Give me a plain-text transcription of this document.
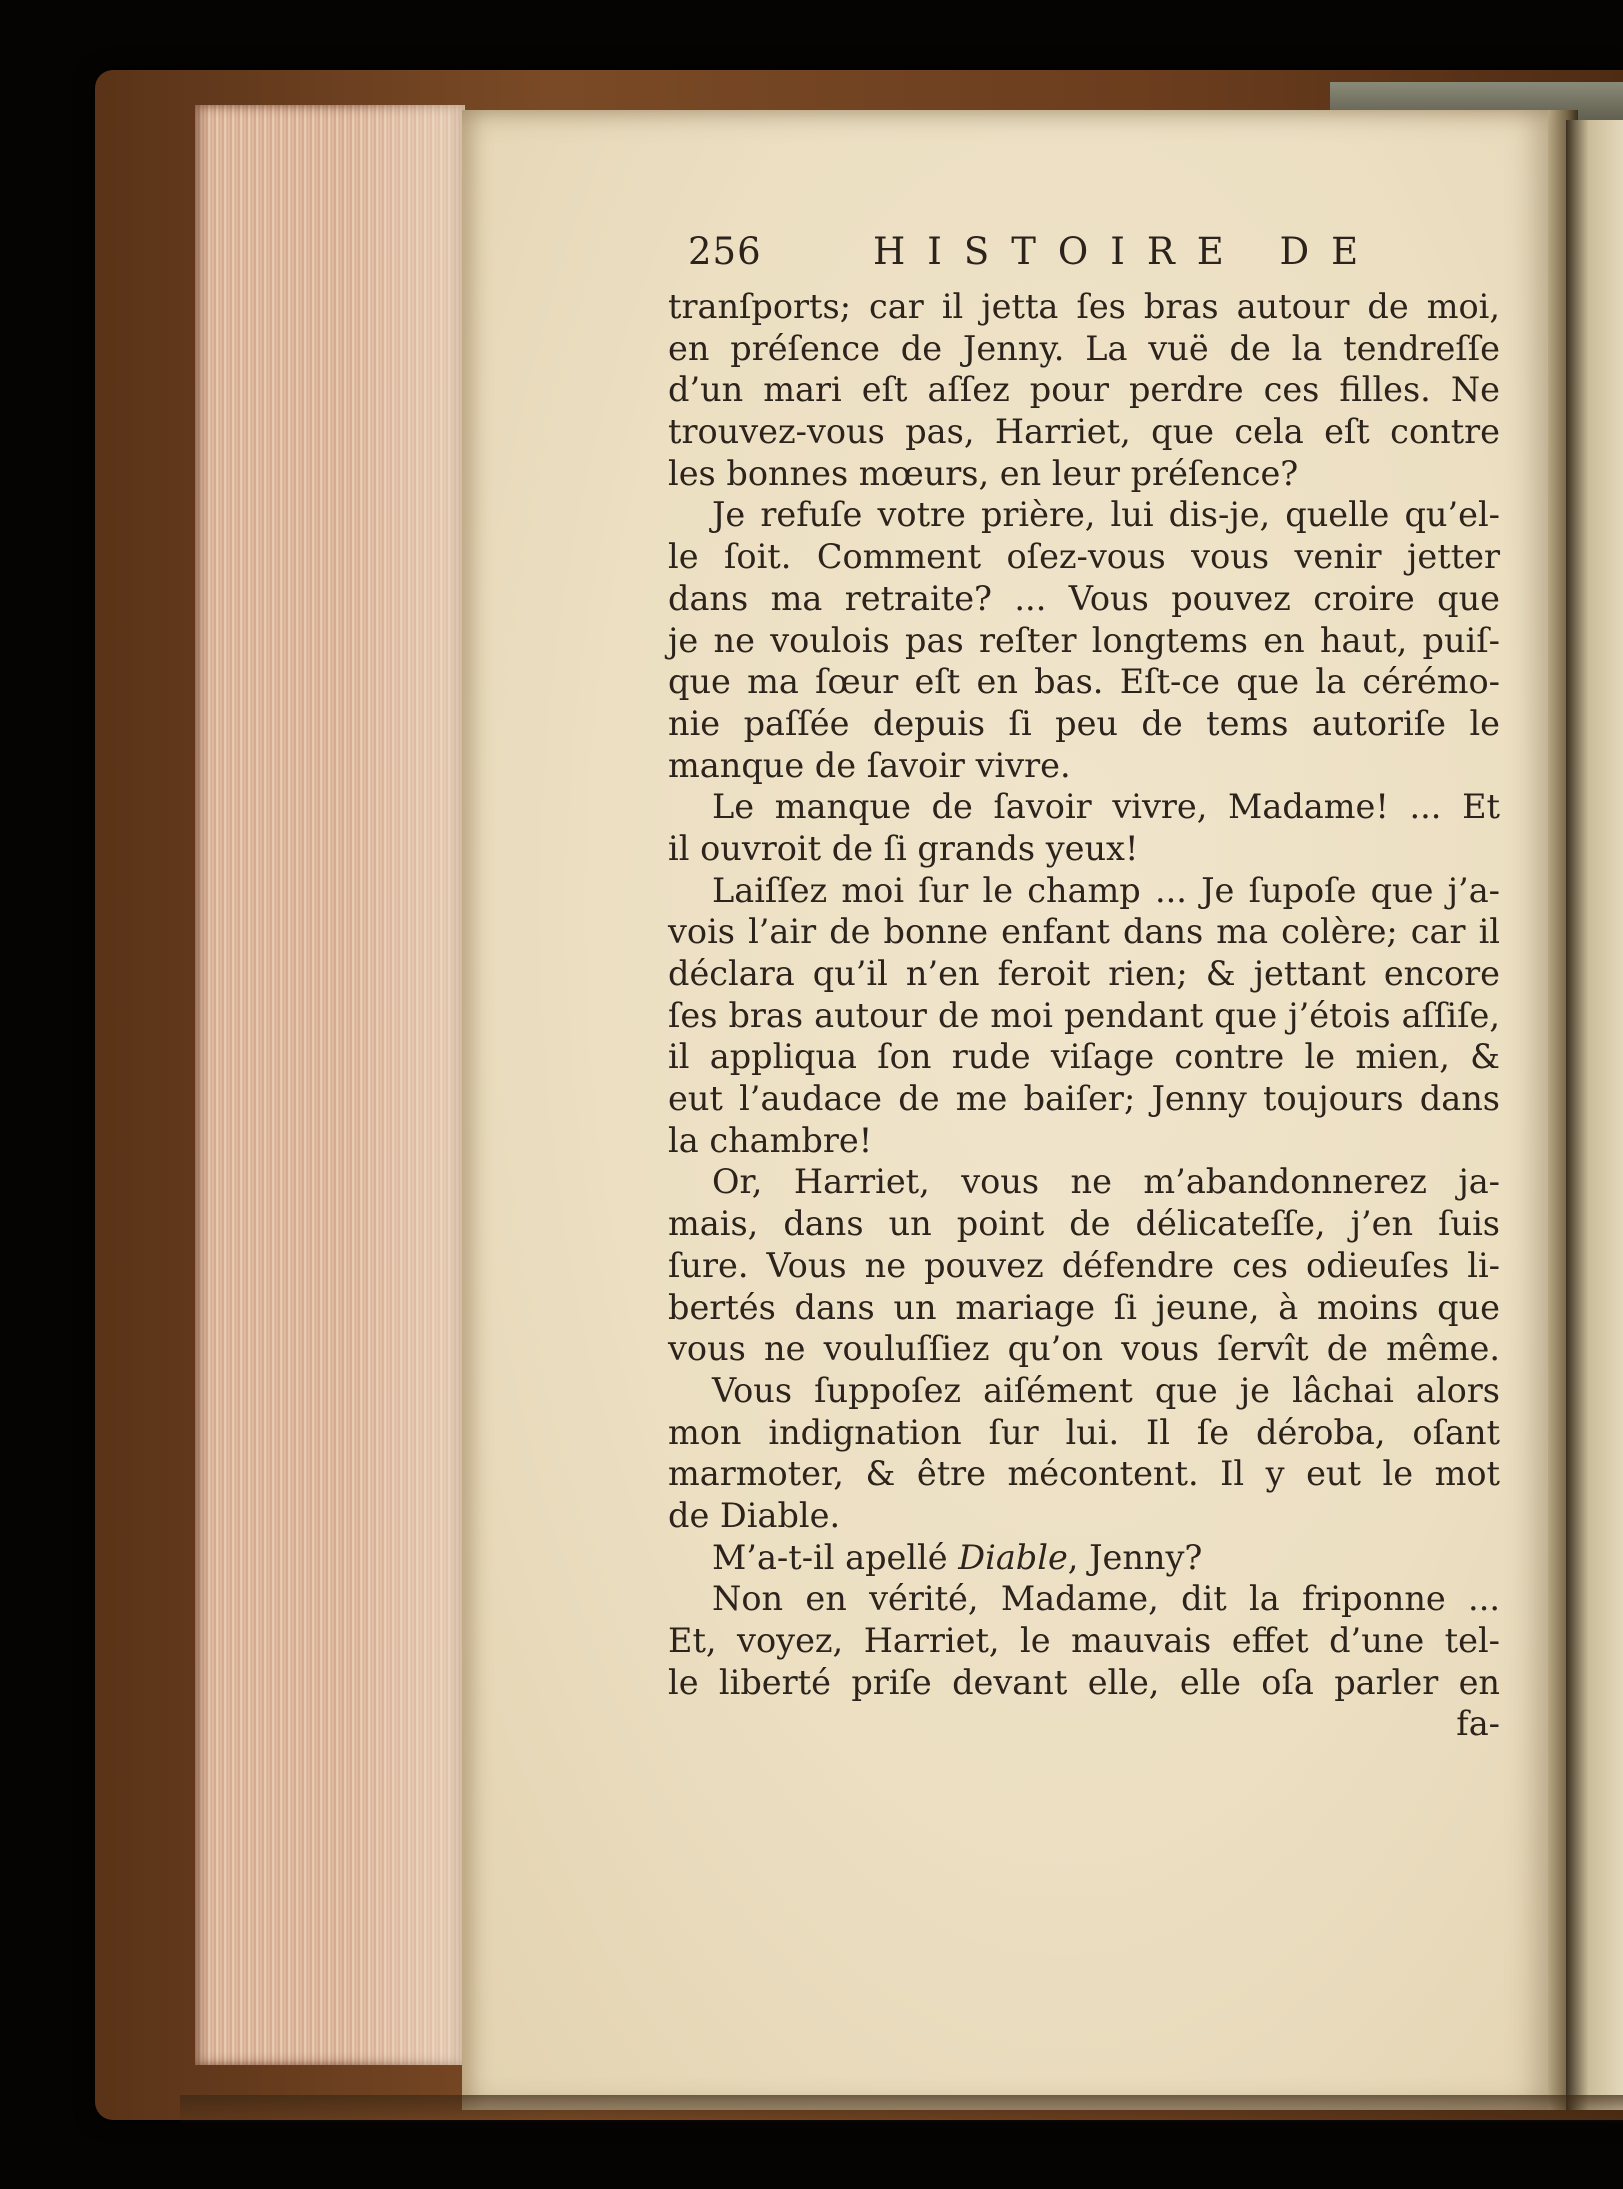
256	HISTOIRE DE
tranſports; car il jetta ſes bras autour de moi,
en préſence de Jenny. La vuë de la tendreſſe
d’un mari eſt aſſez pour perdre ces filles. Ne
trouvez-vous pas, Harriet, que cela eſt contre
les bonnes mœurs, en leur préſence?
Je refuſe votre prière, lui dis-je, quelle qu’el-
le ſoit. Comment oſez-vous vous venir jetter
dans ma retraite? ... Vous pouvez croire que
je ne voulois pas reſter longtems en haut, puiſ-
que ma ſœur eſt en bas. Eſt-ce que la cérémo-
nie paſſée depuis ſi peu de tems autoriſe le
manque de ſavoir vivre.
Le manque de ſavoir vivre, Madame! ... Et
il ouvroit de ſi grands yeux!
Laiſſez moi ſur le champ ... Je ſupoſe que j’a-
vois l’air de bonne enfant dans ma colère; car il
déclara qu’il n’en feroit rien; & jettant encore
ſes bras autour de moi pendant que j’étois aſſiſe,
il appliqua ſon rude viſage contre le mien, &
eut l’audace de me baiſer; Jenny toujours dans
la chambre!
Or, Harriet, vous ne m’abandonnerez ja-
mais, dans un point de délicateſſe, j’en ſuis
ſure. Vous ne pouvez défendre ces odieuſes li-
bertés dans un mariage ſi jeune, à moins que
vous ne vouluſſiez qu’on vous ſervît de même.
Vous ſuppoſez aiſément que je lâchai alors
mon indignation ſur lui. Il ſe déroba, oſant
marmoter, & être mécontent. Il y eut le mot
de Diable.
M’a-t-il apellé Diable, Jenny?
Non en vérité, Madame, dit la friponne ...
Et, voyez, Harriet, le mauvais effet d’une tel-
le liberté priſe devant elle, elle oſa parler en
fa-
